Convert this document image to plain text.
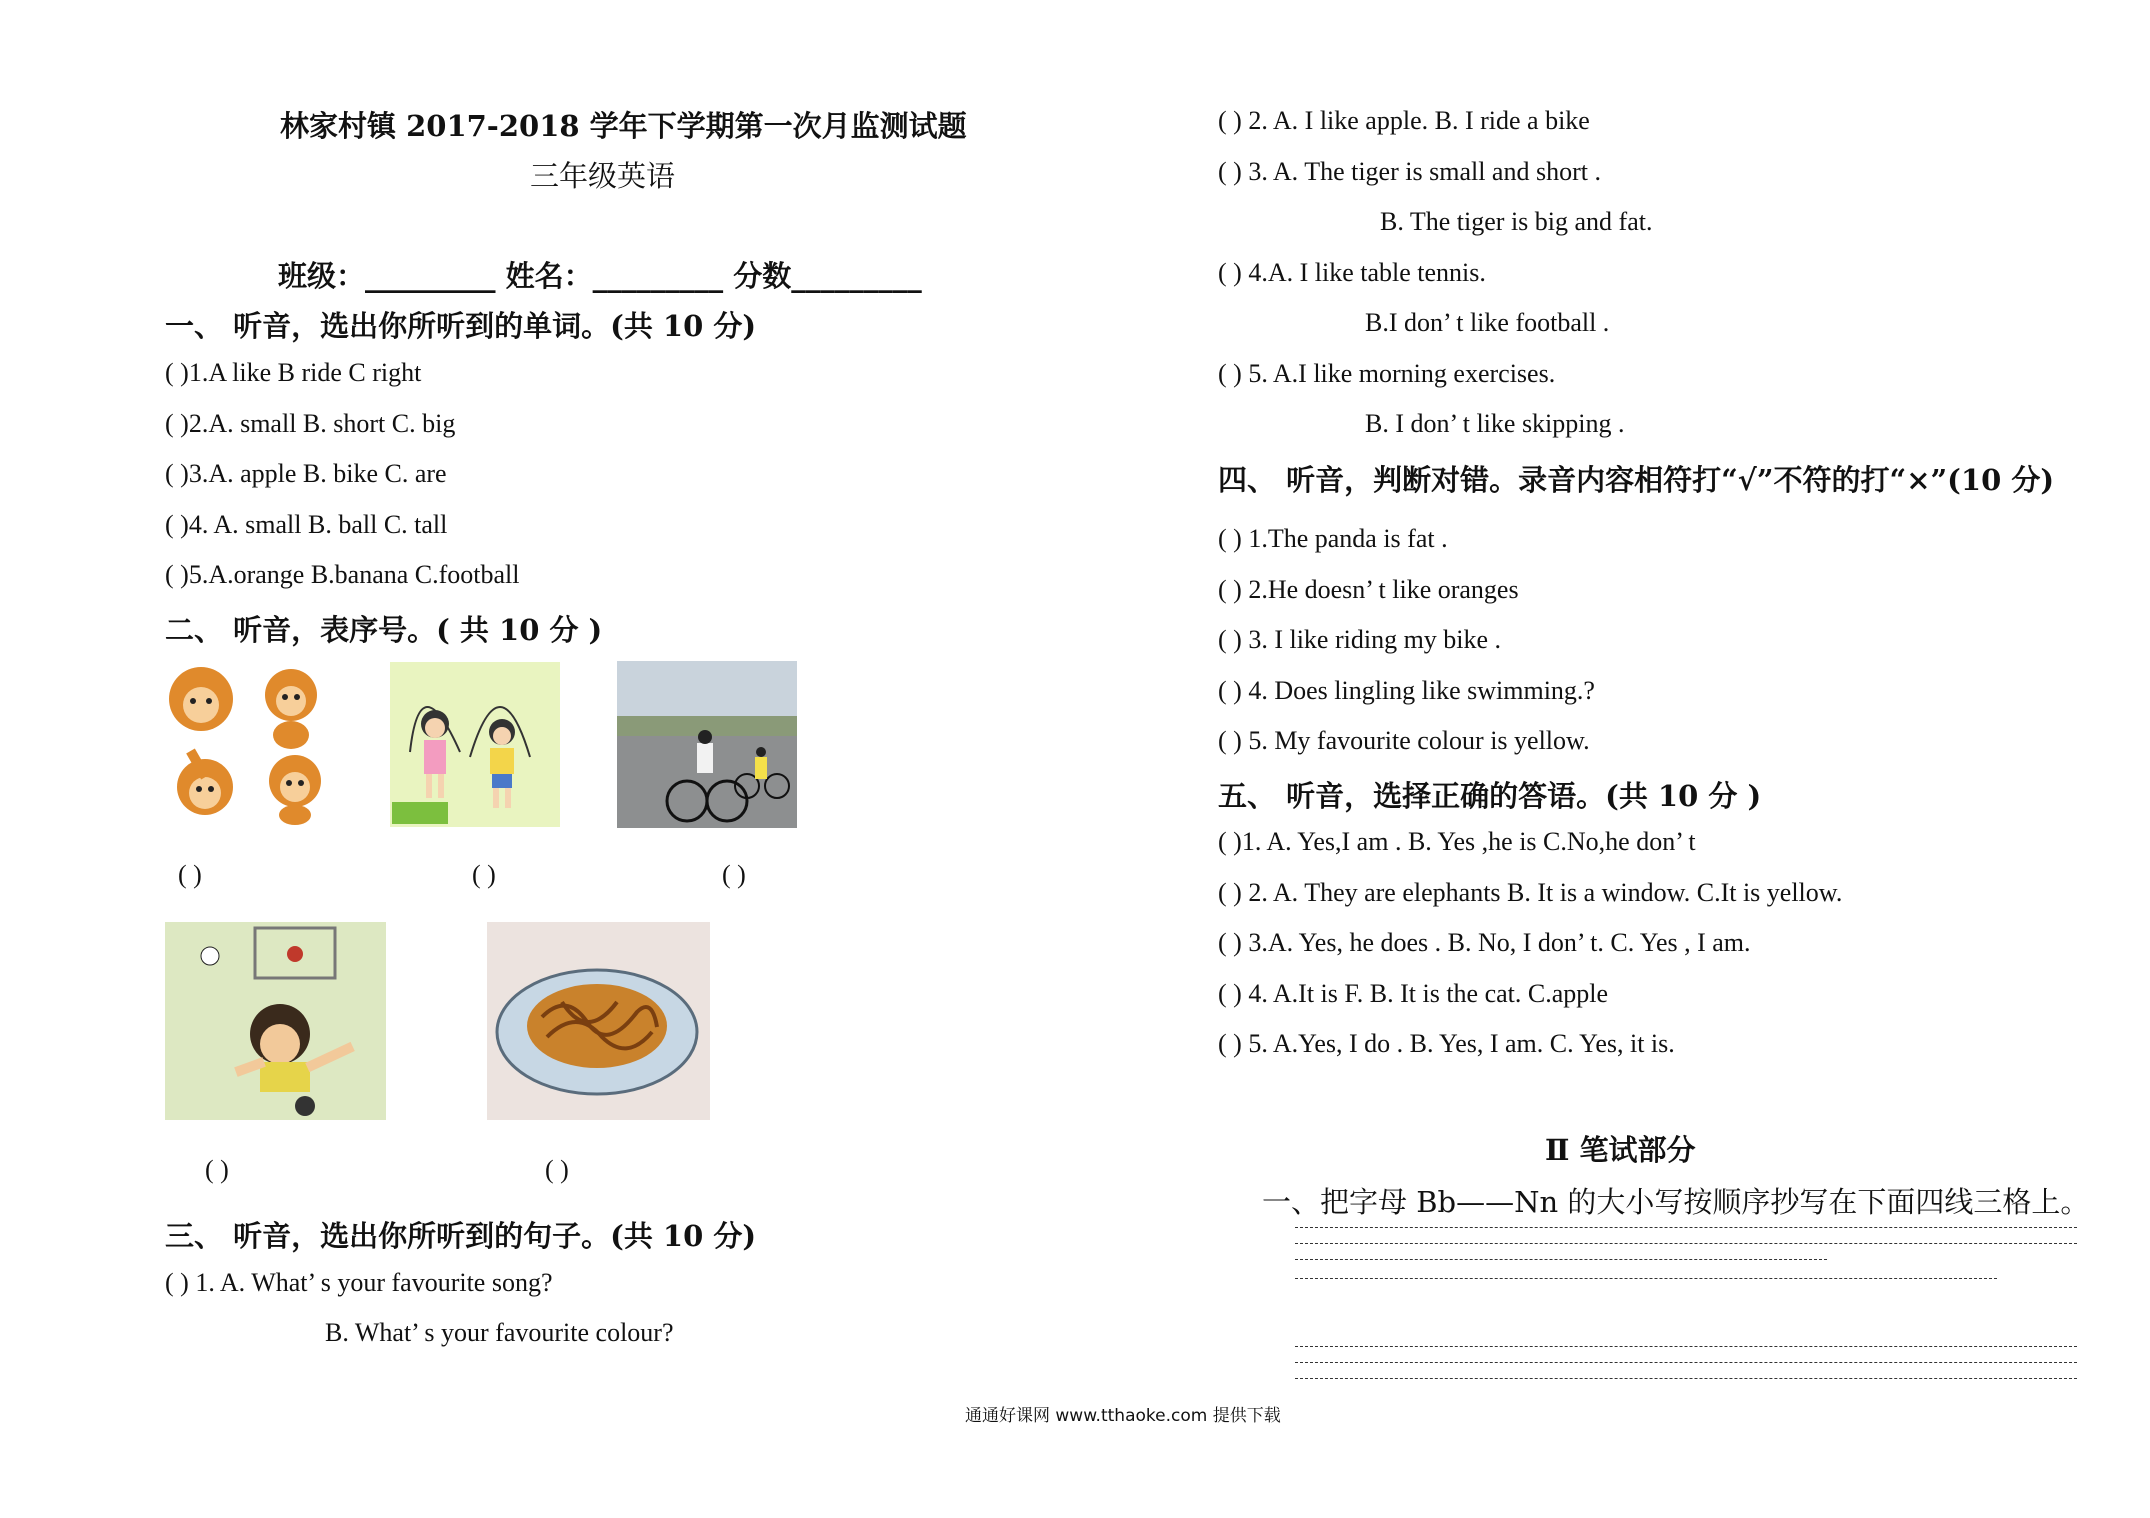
林家村镇 2017-2018 学年下学期第一次月监测试题
三年级英语
班级：_________ 姓名：_________ 分数_________
一、 听音，选出你所听到的单词。(共 10 分)
( )1.A like B ride C right
( )2.A. small B. short C. big
( )3.A. apple B. bike C. are
( )4. A. small B. ball C. tall
( )5.A.orange B.banana C.football
二、 听音，表序号。( 共 10 分 )
( )	( )	( )
( )	( )
三、 听音，选出你所听到的句子。(共 10 分)
( ) 1. A. What’ s your favourite song?
B. What’ s your favourite colour?
( ) 2. A. I like apple. B. I ride a bike
( ) 3. A. The tiger is small and short .
B. The tiger is big and fat.
( ) 4.A. I like table tennis.
B.I don’ t like football .
( ) 5. A.I like morning exercises.
B. I don’ t like skipping .
四、 听音，判断对错。录音内容相符打“√”不符的打“×”(10 分)
( ) 1.The panda is fat .
( ) 2.He doesn’ t like oranges
( ) 3. I like riding my bike .
( ) 4. Does lingling like swimming.?
( ) 5. My favourite colour is yellow.
五、 听音，选择正确的答语。(共 10 分 )
( )1. A. Yes,I am . B. Yes ,he is C.No,he don’ t
( ) 2. A. They are elephants B. It is a window. C.It is yellow.
( ) 3.A. Yes, he does . B. No, I don’ t. C. Yes , I am.
( ) 4. A.It is F. B. It is the cat. C.apple
( ) 5. A.Yes, I do . B. Yes, I am. C. Yes, it is.
Ⅱ 笔试部分
一、把字母 Bb——Nn 的大小写按顺序抄写在下面四线三格上。
通通好课网 www.tthaoke.com 提供下载
